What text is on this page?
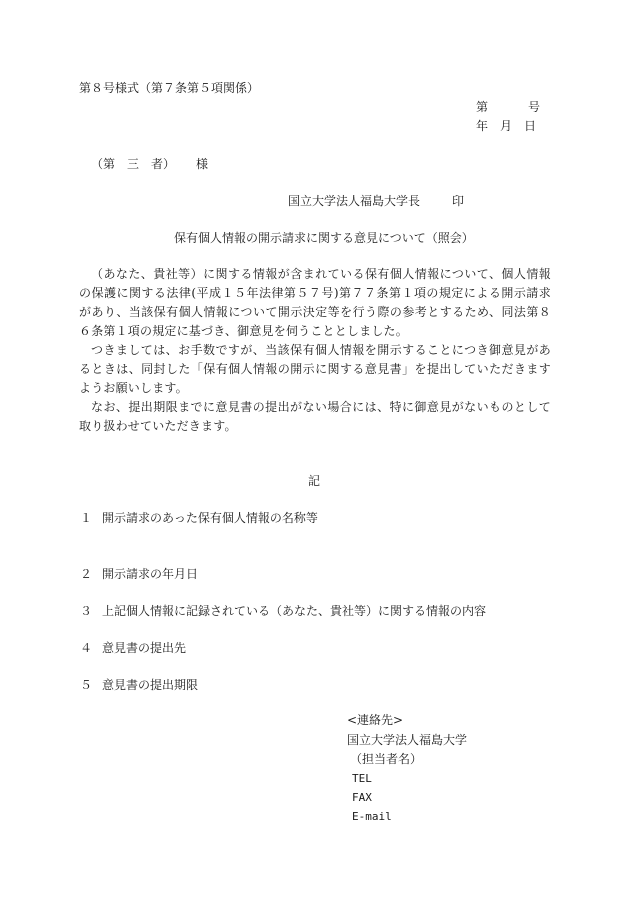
第８号様式（第７条第５項関係）
第	号
年 月 日
（第　三　者） 様
国立大学法人福島大学長	印
保有個人情報の開示請求に関する意見について（照会）
（あなた、貴社等）に関する情報が含まれている保有個人情報について、個人情報の保護に関する法律(平成１５年法律第５７号)第７７条第１項の規定による開示請求があり、当該保有個人情報について開示決定等を行う際の参考とするため、同法第８６条第１項の規定に基づき、御意見を伺うこととしました。
つきましては、お手数ですが、当該保有個人情報を開示することにつき御意見があるときは、同封した「保有個人情報の開示に関する意見書」を提出していただきますようお願いします。
なお、提出期限までに意見書の提出がない場合には、特に御意見がないものとして取り扱わせていただきます。
記
１ 開示請求のあった保有個人情報の名称等
２ 開示請求の年月日
３ 上記個人情報に記録されている（あなた、貴社等）に関する情報の内容
４ 意見書の提出先
５ 意見書の提出期限
<連絡先>
国立大学法人福島大学
（担当者名）
TEL
FAX
E-mail
